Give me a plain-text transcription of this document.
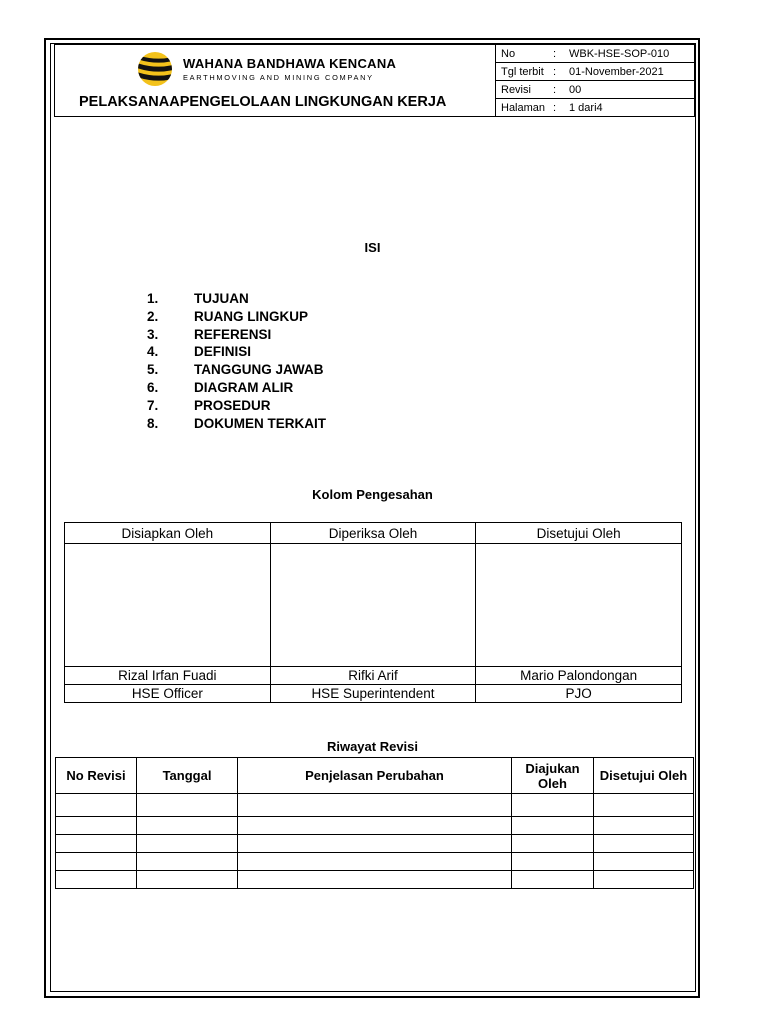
WAHANA BANDHAWA KENCANA
EARTHMOVING AND MINING COMPANY
PELAKSANAAPENGELOLAAN LINGKUNGAN KERJA
No	:	WBK-HSE-SOP-010
Tgl terbit	:	01-November-2021
Revisi	:	00
Halaman	:	1 dari4
ISI
1.	TUJUAN
2.	RUANG LINGKUP
3.	REFERENSI
4.	DEFINISI
5.	TANGGUNG JAWAB
6.	DIAGRAM ALIR
7.	PROSEDUR
8.	DOKUMEN TERKAIT
Kolom Pengesahan
Disiapkan Oleh	Diperiksa Oleh	Disetujui Oleh

Rizal Irfan Fuadi	Rifki Arif	Mario Palondongan
HSE Officer	HSE Superintendent	PJO
Riwayat Revisi
No Revisi	Tanggal	Penjelasan Perubahan	Diajukan Oleh	Disetujui Oleh
